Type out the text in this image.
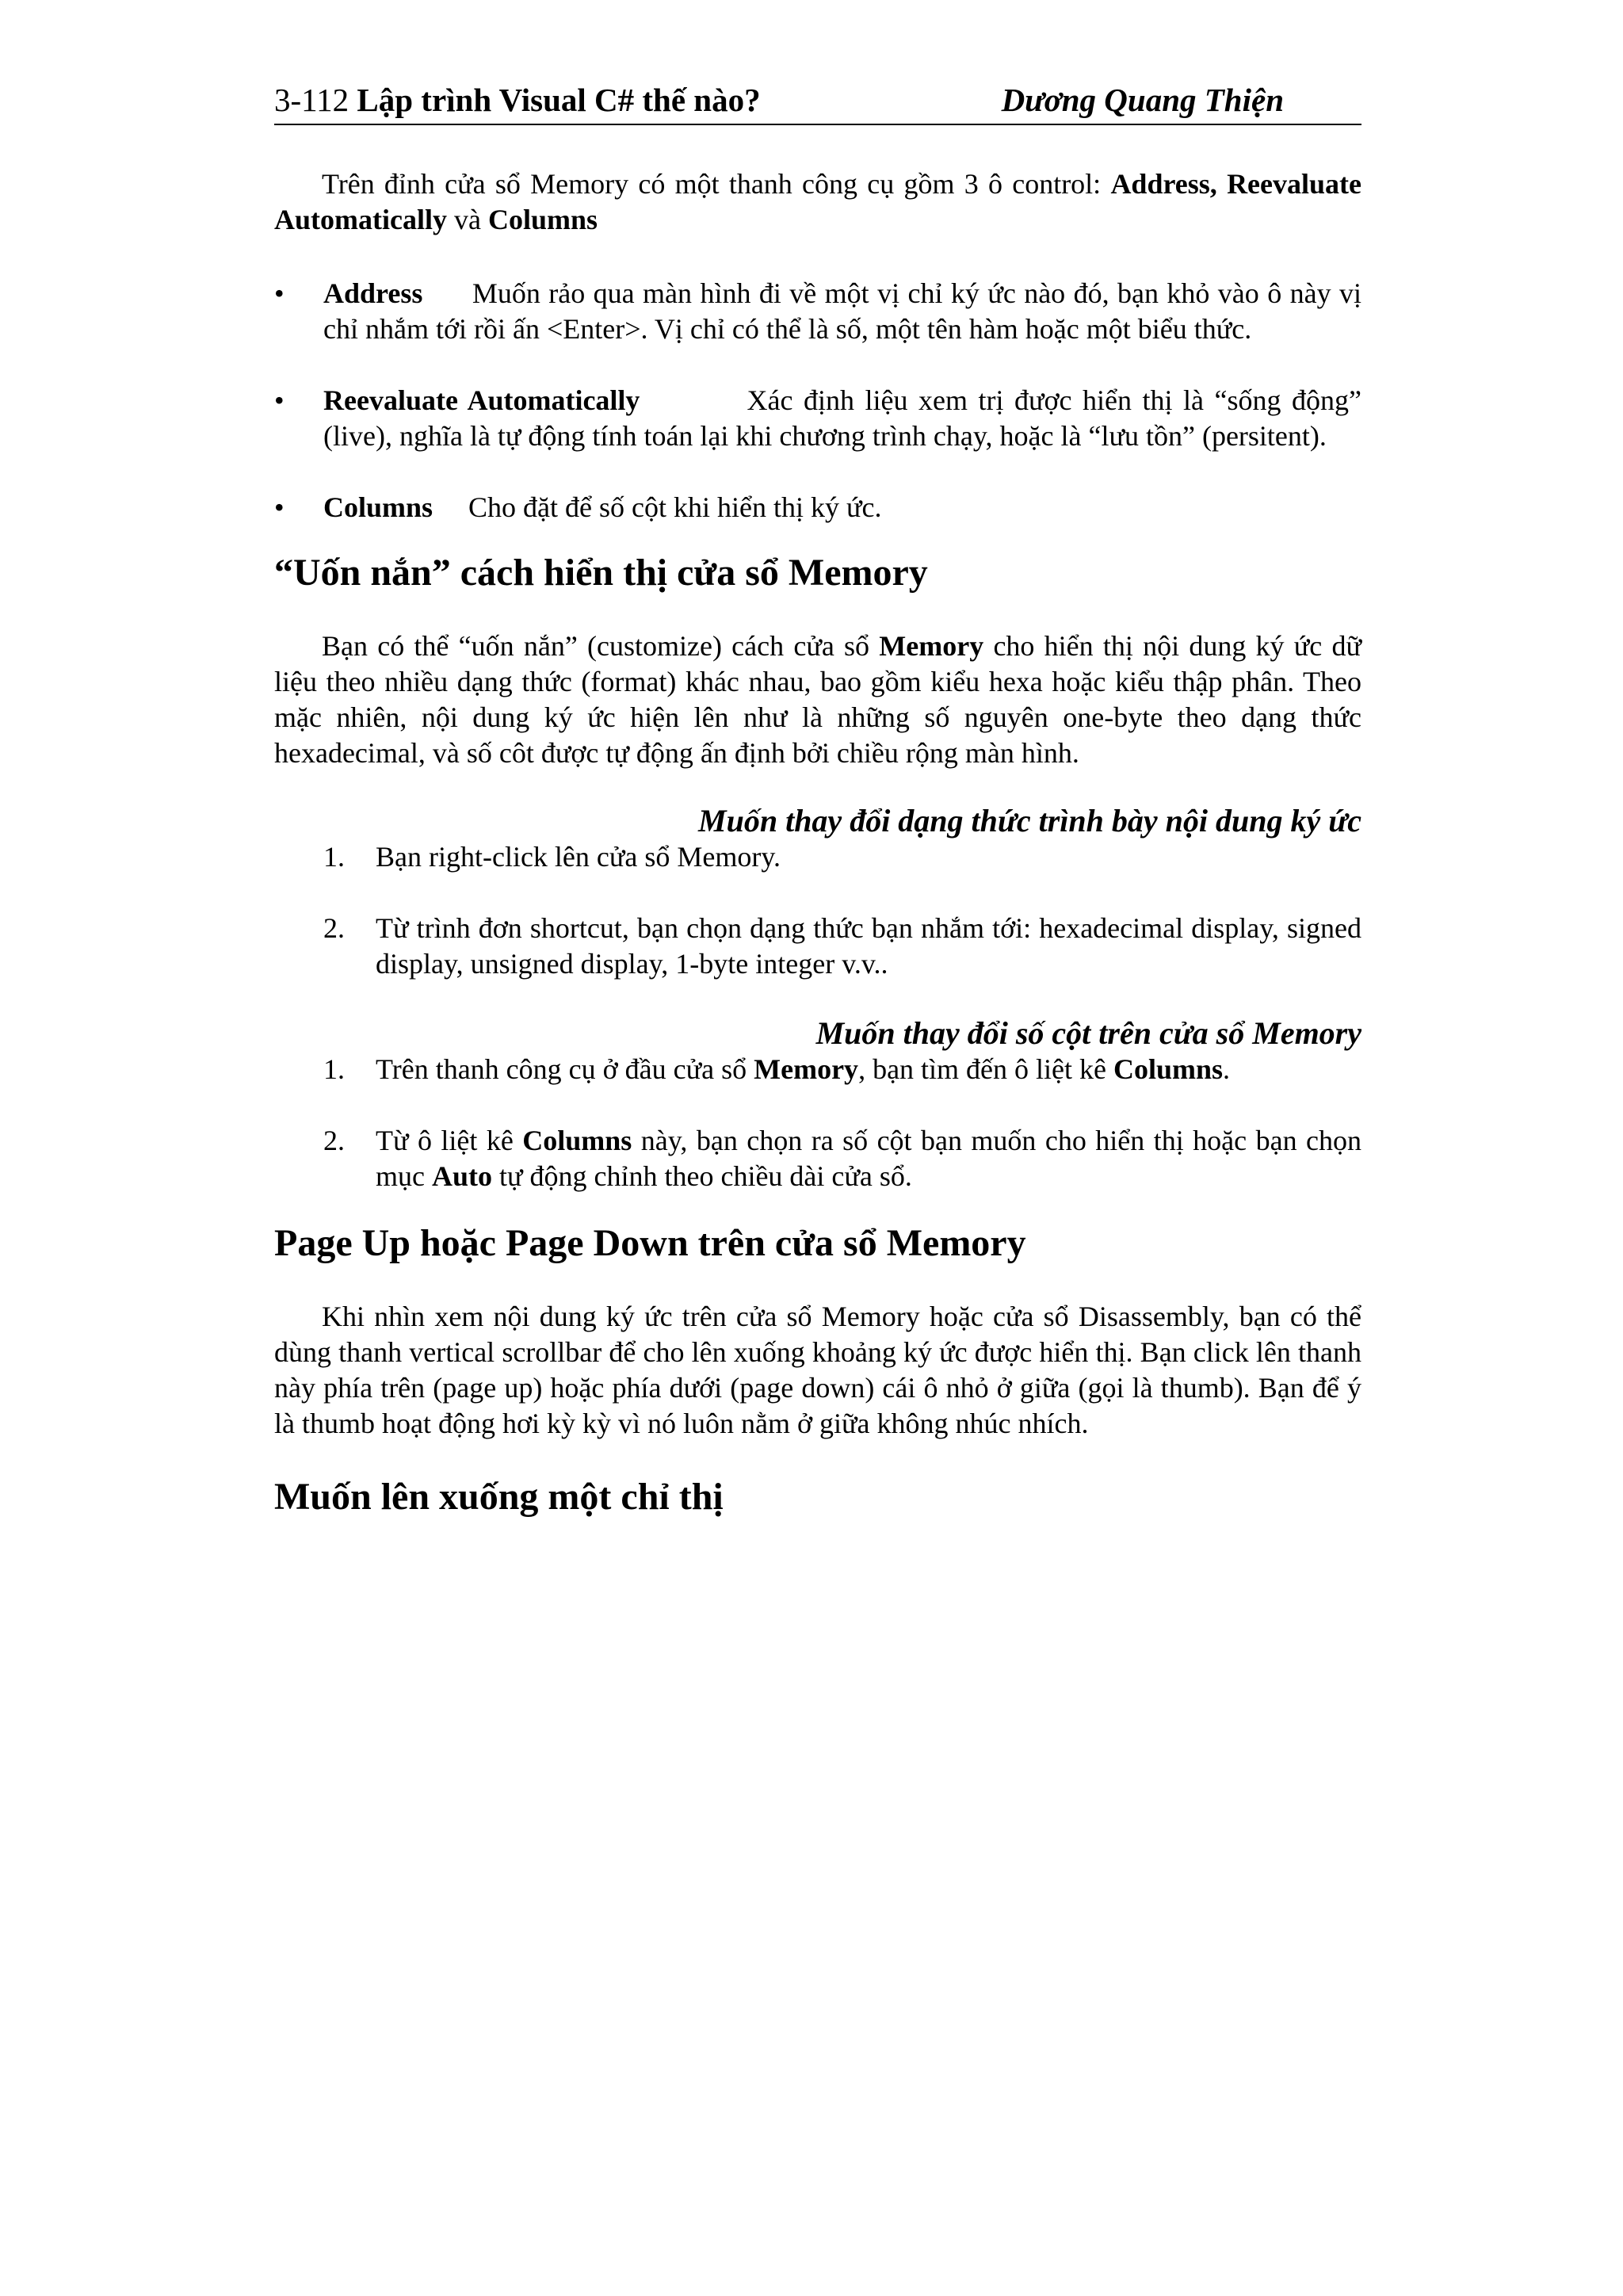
3-112 Lập trình Visual C# thế nào?	Dương Quang Thiện

Trên đỉnh cửa sổ Memory có một thanh công cụ gồm 3 ô control: Address, Reevaluate Automatically và Columns

• Address Muốn rảo qua màn hình đi về một vị chỉ ký ức nào đó, bạn khỏ vào ô này vị chỉ nhắm tới rồi ấn <Enter>. Vị chỉ có thể là số, một tên hàm hoặc một biểu thức.
• Reevaluate Automatically	Xác định liệu xem trị được hiển thị là “sống động” (live), nghĩa là tự động tính toán lại khi chương trình chạy, hoặc là “lưu tồn” (persitent).
• Columns Cho đặt để số cột khi hiển thị ký ức.
“Uốn nắn” cách hiển thị cửa sổ Memory

Bạn có thể “uốn nắn” (customize) cách cửa sổ Memory cho hiển thị nội dung ký ức dữ liệu theo nhiều dạng thức (format) khác nhau, bao gồm kiểu hexa hoặc kiểu thập phân. Theo mặc nhiên, nội dung ký ức hiện lên như là những số nguyên one-byte theo dạng thức hexadecimal, và số côt được tự động ấn định bởi chiều rộng màn hình.

Muốn thay đổi dạng thức trình bày nội dung ký ức

1. Bạn right-click lên cửa sổ Memory.
2. Từ trình đơn shortcut, bạn chọn dạng thức bạn nhắm tới: hexadecimal display, signed display, unsigned display, 1-byte integer v.v..

Muốn thay đổi số cột trên cửa sổ Memory

1. Trên thanh công cụ ở đầu cửa sổ Memory, bạn tìm đến ô liệt kê Columns.
2. Từ ô liệt kê Columns này, bạn chọn ra số cột bạn muốn cho hiển thị hoặc bạn chọn mục Auto tự động chỉnh theo chiều dài cửa sổ.
Page Up hoặc Page Down trên cửa sổ Memory

Khi nhìn xem nội dung ký ức trên cửa sổ Memory hoặc cửa sổ Disassembly, bạn có thể dùng thanh vertical scrollbar để cho lên xuống khoảng ký ức được hiển thị. Bạn click lên thanh này phía trên (page up) hoặc phía dưới (page down) cái ô nhỏ ở giữa (gọi là thumb). Bạn để ý là thumb hoạt động hơi kỳ kỳ vì nó luôn nằm ở giữa không nhúc nhích.

Muốn lên xuống một chỉ thị
